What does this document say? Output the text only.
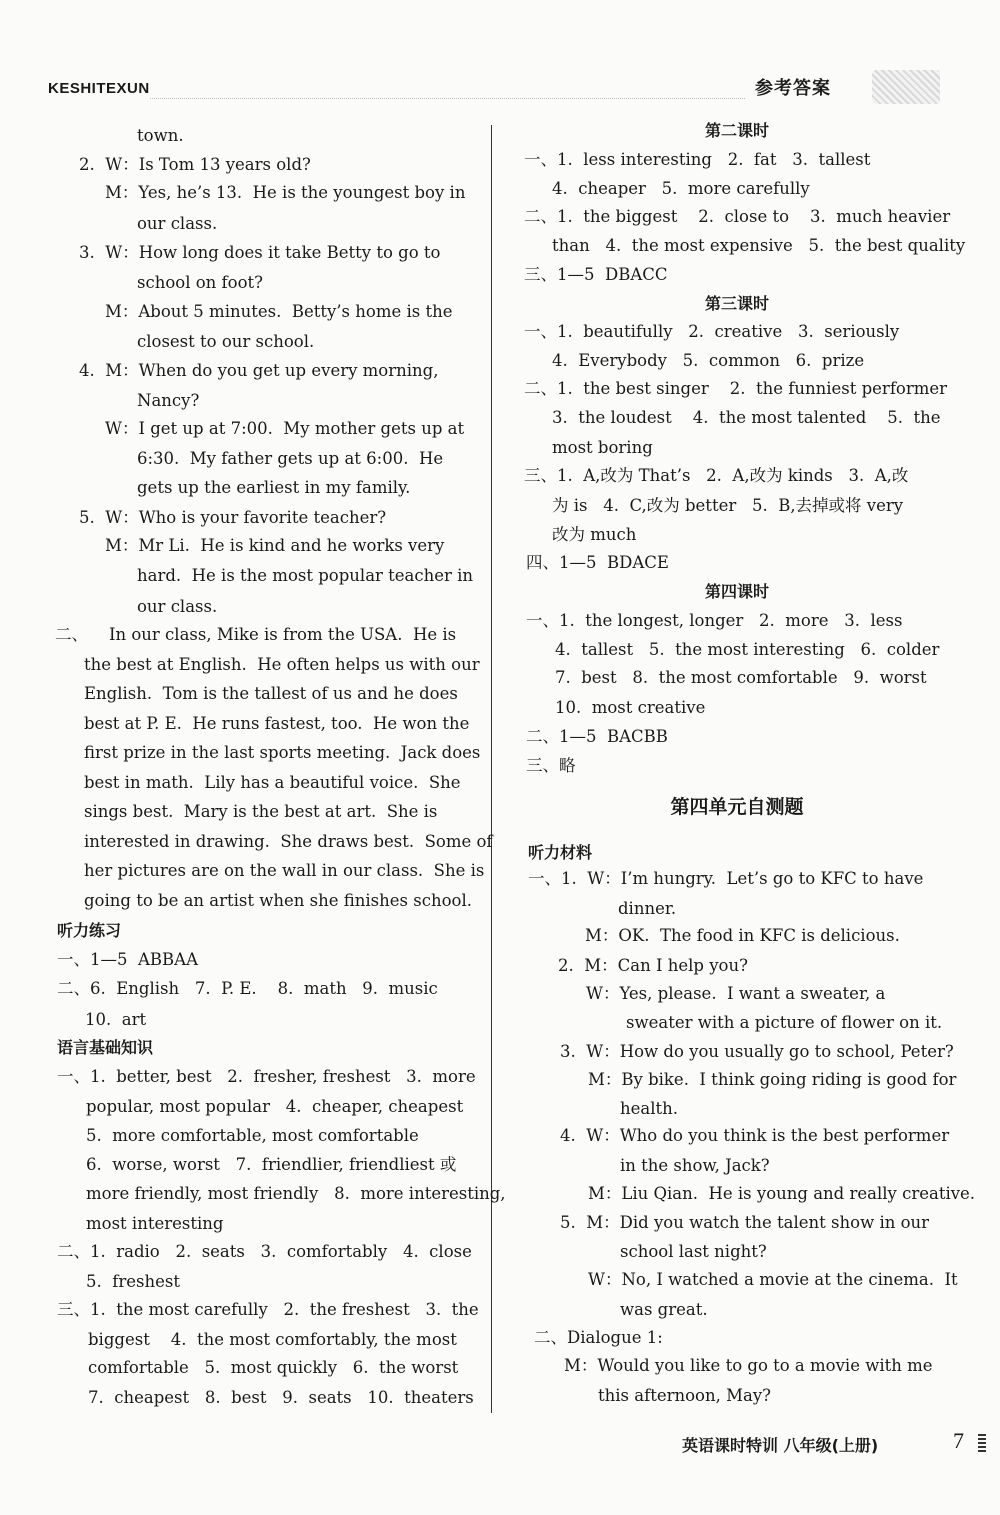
KESHITEXUN	参考答案
town.
2.  W：Is Tom 13 years old?
M：Yes, he’s 13.  He is the youngest boy in
our class.
3.  W：How long does it take Betty to go to
school on foot?
M：About 5 minutes.  Betty’s home is the
closest to our school.
4.  M：When do you get up every morning,
Nancy?
W：I get up at 7:00.  My mother gets up at
6:30.  My father gets up at 6:00.  He
gets up the earliest in my family.
5.  W：Who is your favorite teacher?
M：Mr Li.  He is kind and he works very
hard.  He is the most popular teacher in
our class.
二、    In our class, Mike is from the USA.  He is
the best at English.  He often helps us with our
English.  Tom is the tallest of us and he does
best at P. E.  He runs fastest, too.  He won the
first prize in the last sports meeting.  Jack does
best in math.  Lily has a beautiful voice.  She
sings best.  Mary is the best at art.  She is
interested in drawing.  She draws best.  Some of
her pictures are on the wall in our class.  She is
going to be an artist when she finishes school.
听力练习
一、1—5  ABBAA
二、6.  English   7.  P. E.    8.  math   9.  music
10.  art
语言基础知识
一、1.  better, best   2.  fresher, freshest   3.  more
popular, most popular   4.  cheaper, cheapest
5.  more comfortable, most comfortable
6.  worse, worst   7.  friendlier, friendliest 或
more friendly, most friendly   8.  more interesting,
most interesting
二、1.  radio   2.  seats   3.  comfortably   4.  close
5.  freshest
三、1.  the most carefully   2.  the freshest   3.  the
biggest    4.  the most comfortably, the most
comfortable   5.  most quickly   6.  the worst
7.  cheapest   8.  best   9.  seats   10.  theaters
第二课时
一、1.  less interesting   2.  fat   3.  tallest
4.  cheaper   5.  more carefully
二、1.  the biggest    2.  close to    3.  much heavier
than   4.  the most expensive   5.  the best quality
三、1—5  DBACC
第三课时
一、1.  beautifully   2.  creative   3.  seriously
4.  Everybody   5.  common   6.  prize
二、1.  the best singer    2.  the funniest performer
3.  the loudest    4.  the most talented    5.  the
most boring
三、1.  A,改为 That’s   2.  A,改为 kinds   3.  A,改
为 is   4.  C,改为 better   5.  B,去掉或将 very
改为 much
四、1—5  BDACE
第四课时
一、1.  the longest, longer   2.  more   3.  less
4.  tallest   5.  the most interesting   6.  colder
7.  best   8.  the most comfortable   9.  worst
10.  most creative
二、1—5  BACBB
三、略
第四单元自测题
听力材料
一、1.  W：I’m hungry.  Let’s go to KFC to have
dinner.
M：OK.  The food in KFC is delicious.
2.  M：Can I help you?
W：Yes, please.  I want a sweater, a
sweater with a picture of flower on it.
3.  W：How do you usually go to school, Peter?
M：By bike.  I think going riding is good for
health.
4.  W：Who do you think is the best performer
in the show, Jack?
M：Liu Qian.  He is young and really creative.
5.  M：Did you watch the talent show in our
school last night?
W：No, I watched a movie at the cinema.  It
was great.
二、Dialogue 1:
M：Would you like to go to a movie with me
this afternoon, May?
英语课时特训 八年级(上册)	7
